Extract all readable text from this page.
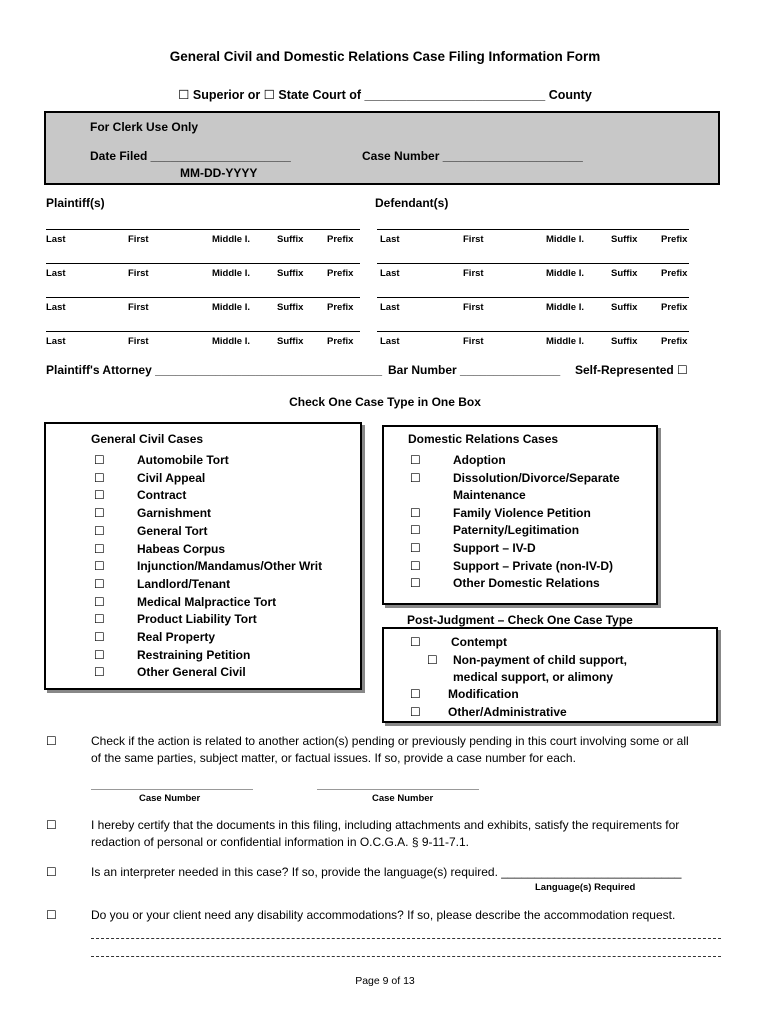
General Civil and Domestic Relations Case Filing Information Form
☐ Superior or ☐ State Court of __________________________ County
For Clerk Use Only
Date Filed _____________________
MM-DD-YYYY
Case Number _____________________
Plaintiff(s)	Defendant(s)
Last	First	Middle I.	Suffix Prefix	Last	First	Middle I.	Suffix Prefix
Last	First	Middle I.	Suffix Prefix	Last	First	Middle I.	Suffix Prefix
Last	First	Middle I.	Suffix Prefix	Last	First	Middle I.	Suffix Prefix
Last	First	Middle I.	Suffix Prefix	Last	First	Middle I.	Suffix Prefix
Plaintiff's Attorney __________________________________ Bar Number _______________ Self-Represented ☐
Check One Case Type in One Box
General Civil Cases
☐	Automobile Tort
☐	Civil Appeal
☐	Contract
☐	Garnishment
☐	General Tort
☐	Habeas Corpus
☐	Injunction/Mandamus/Other Writ
☐	Landlord/Tenant
☐	Medical Malpractice Tort
☐	Product Liability Tort
☐	Real Property
☐	Restraining Petition
☐	Other General Civil
Domestic Relations Cases
☐	Adoption
☐	Dissolution/Divorce/Separate
Maintenance
☐	Family Violence Petition
☐	Paternity/Legitimation
☐	Support – IV-D
☐	Support – Private (non-IV-D)
☐	Other Domestic Relations
Post-Judgment – Check One Case Type
☐	Contempt
☐ Non-payment of child support,
medical support, or alimony
☐ Modification
☐ Other/Administrative
☐	Check if the action is related to another action(s) pending or previously pending in this court involving some or all
of the same parties, subject matter, or factual issues. If so, provide a case number for each.
Case Number	Case Number
☐	I hereby certify that the documents in this filing, including attachments and exhibits, satisfy the requirements for
redaction of personal or confidential information in O.C.G.A. § 9-11-7.1.
☐	Is an interpreter needed in this case? If so, provide the language(s) required. ___________________________
Language(s) Required
☐	Do you or your client need any disability accommodations? If so, please describe the accommodation request.
Page 9 of 13
